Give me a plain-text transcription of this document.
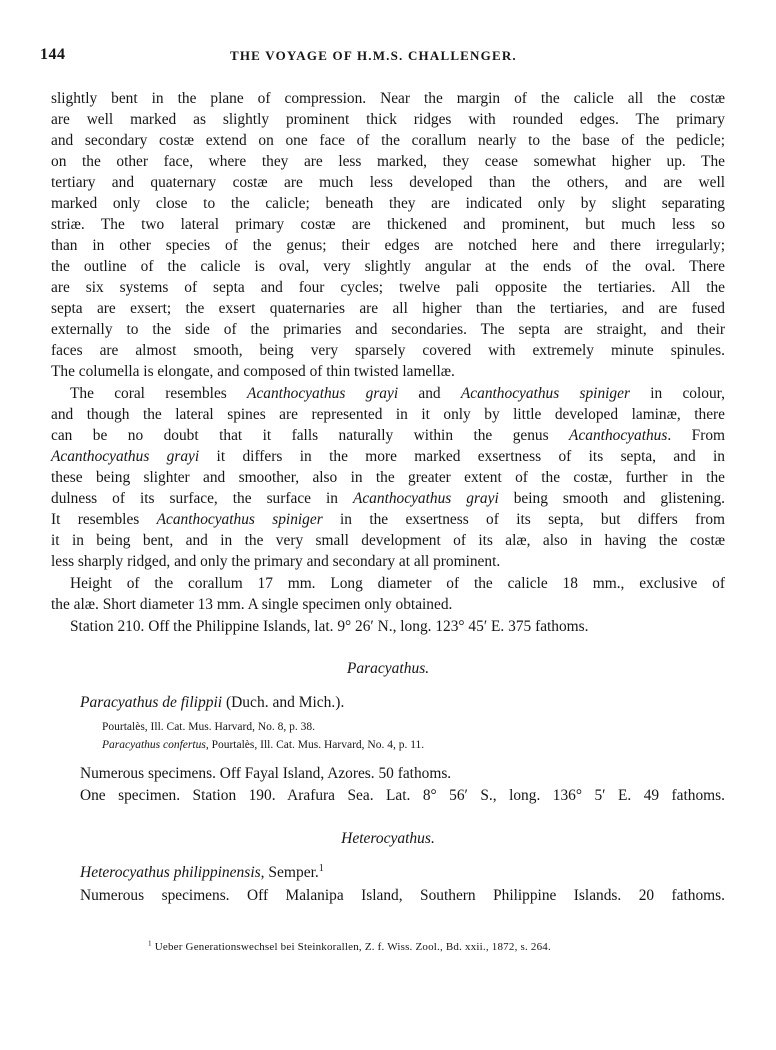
144	THE VOYAGE OF H.M.S. CHALLENGER.
slightly bent in the plane of compression. Near the margin of the calicle all the costæ
are well marked as slightly prominent thick ridges with rounded edges. The primary
and secondary costæ extend on one face of the corallum nearly to the base of the pedicle;
on the other face, where they are less marked, they cease somewhat higher up. The
tertiary and quaternary costæ are much less developed than the others, and are well
marked only close to the calicle; beneath they are indicated only by slight separating
striæ. The two lateral primary costæ are thickened and prominent, but much less so
than in other species of the genus; their edges are notched here and there irregularly;
the outline of the calicle is oval, very slightly angular at the ends of the oval. There
are six systems of septa and four cycles; twelve pali opposite the tertiaries. All the
septa are exsert; the exsert quaternaries are all higher than the tertiaries, and are fused
externally to the side of the primaries and secondaries. The septa are straight, and their
faces are almost smooth, being very sparsely covered with extremely minute spinules.
The columella is elongate, and composed of thin twisted lamellæ.
The coral resembles Acanthocyathus grayi and Acanthocyathus spiniger in colour,
and though the lateral spines are represented in it only by little developed laminæ, there
can be no doubt that it falls naturally within the genus Acanthocyathus. From
Acanthocyathus grayi it differs in the more marked exsertness of its septa, and in
these being slighter and smoother, also in the greater extent of the costæ, further in the
dulness of its surface, the surface in Acanthocyathus grayi being smooth and glistening.
It resembles Acanthocyathus spiniger in the exsertness of its septa, but differs from
it in being bent, and in the very small development of its alæ, also in having the costæ
less sharply ridged, and only the primary and secondary at all prominent.
Height of the corallum 17 mm. Long diameter of the calicle 18 mm., exclusive of
the alæ. Short diameter 13 mm. A single specimen only obtained.
Station 210. Off the Philippine Islands, lat. 9° 26′ N., long. 123° 45′ E. 375 fathoms.
Paracyathus.
Paracyathus de filippii (Duch. and Mich.).
Pourtalès, Ill. Cat. Mus. Harvard, No. 8, p. 38.
Paracyathus confertus, Pourtalès, Ill. Cat. Mus. Harvard, No. 4, p. 11.
Numerous specimens. Off Fayal Island, Azores. 50 fathoms.
One specimen. Station 190. Arafura Sea. Lat. 8° 56′ S., long. 136° 5′ E. 49 fathoms.
Heterocyathus.
Heterocyathus philippinensis, Semper.$^1$
Numerous specimens. Off Malanipa Island, Southern Philippine Islands. 20 fathoms.
$^1$ Ueber Generationswechsel bei Steinkorallen, Z. f. Wiss. Zool., Bd. xxii., 1872, s. 264.
